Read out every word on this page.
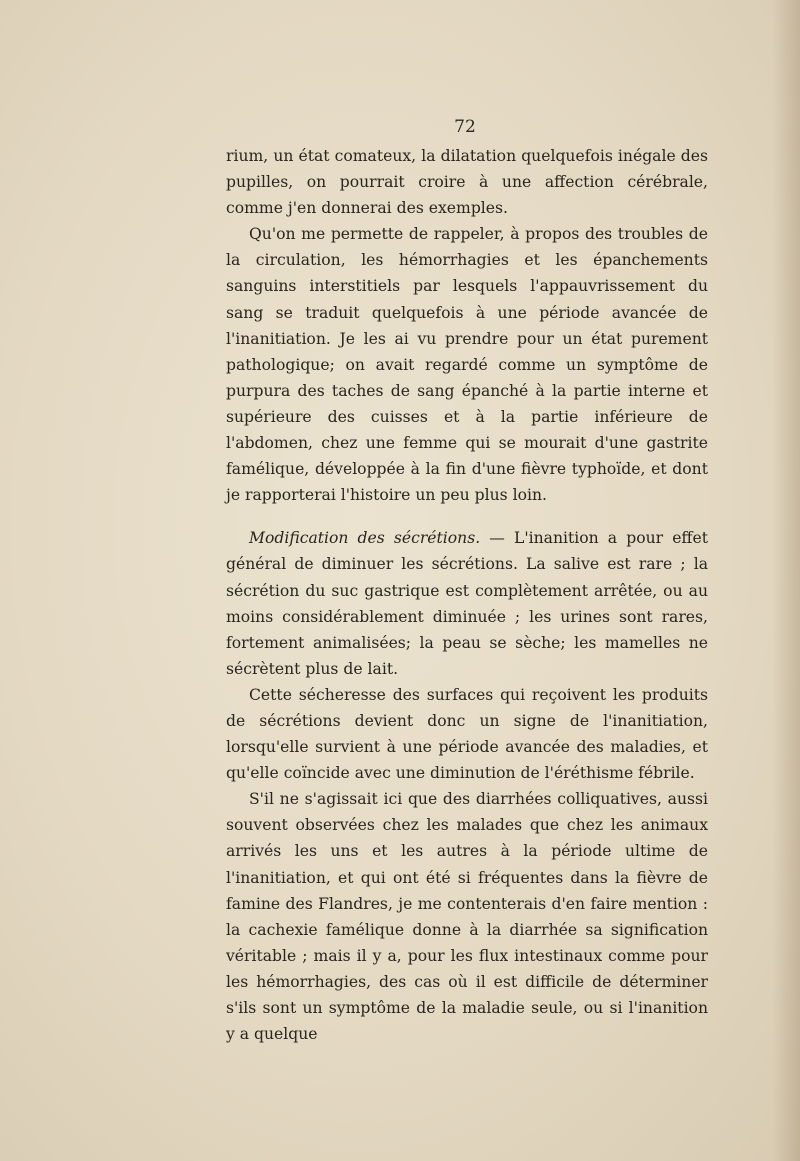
72

rium, un état comateux, la dilatation quelquefois inégale des pupilles, on pourrait croire à une affection cérébrale, comme j'en donnerai des exemples.

Qu'on me permette de rappeler, à propos des troubles de la circulation, les hémorrhagies et les épanchements sanguins interstitiels par lesquels l'appauvrissement du sang se traduit quelquefois à une période avancée de l'inanitiation. Je les ai vu prendre pour un état purement pathologique; on avait regardé comme un symptôme de purpura des taches de sang épanché à la partie interne et supérieure des cuisses et à la partie inférieure de l'abdomen, chez une femme qui se mourait d'une gastrite famélique, développée à la fin d'une fièvre typhoïde, et dont je rapporterai l'histoire un peu plus loin.

Modification des sécrétions. — L'inanition a pour effet général de diminuer les sécrétions. La salive est rare ; la sécrétion du suc gastrique est complètement arrêtée, ou au moins considérablement diminuée ; les urines sont rares, fortement animalisées; la peau se sèche; les mamelles ne sécrètent plus de lait.

Cette sécheresse des surfaces qui reçoivent les produits de sécrétions devient donc un signe de l'inanitiation, lorsqu'elle survient à une période avancée des maladies, et qu'elle coïncide avec une diminution de l'éréthisme fébrile.

S'il ne s'agissait ici que des diarrhées colliquatives, aussi souvent observées chez les malades que chez les animaux arrivés les uns et les autres à la période ultime de l'inanitiation, et qui ont été si fréquentes dans la fièvre de famine des Flandres, je me contenterais d'en faire mention : la cachexie famélique donne à la diarrhée sa signification véritable ; mais il y a, pour les flux intestinaux comme pour les hémorrhagies, des cas où il est difficile de déterminer s'ils sont un symptôme de la maladie seule, ou si l'inanition y a quelque
